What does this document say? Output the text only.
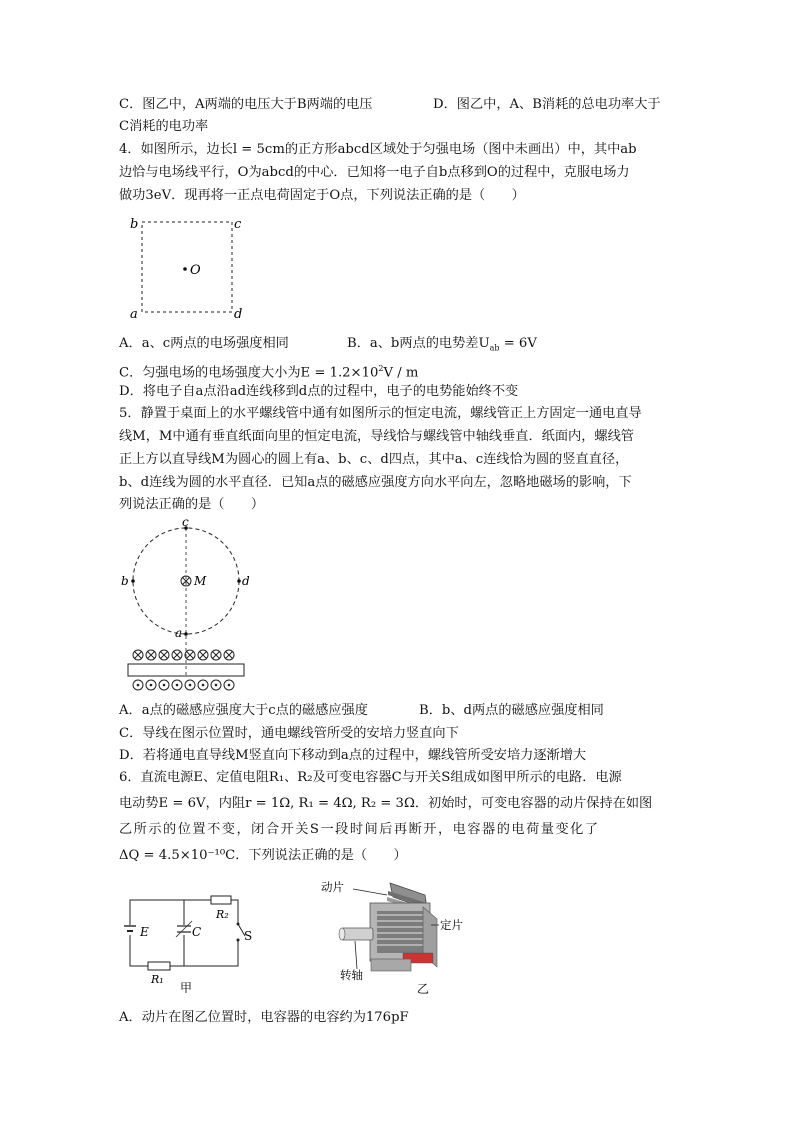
C．图乙中，A两端的电压大于B两端的电压	D．图乙中，A、B消耗的总电功率大于
C消耗的电功率
4．如图所示，边长l = 5cm的正方形abcd区域处于匀强电场（图中未画出）中，其中ab
边恰与电场线平行，O为abcd的中心．已知将一电子自b点移到O的过程中，克服电场力
做功3eV．现再将一正点电荷固定于O点，下列说法正确的是（　　）
b	c
a	d
O
A．a、c两点的电场强度相同	B．a、b两点的电势差$U_{ab} = 6V$
C．匀强电场的电场强度大小为$E = 1.2\times 10^2V / m$
D．将电子自a点沿ad连线移到d点的过程中，电子的电势能始终不变
5．静置于桌面上的水平螺线管中通有如图所示的恒定电流，螺线管正上方固定一通电直导
线M，M中通有垂直纸面向里的恒定电流，导线恰与螺线管中轴线垂直．纸面内，螺线管
正上方以直导线M为圆心的圆上有a、b、c、d四点，其中a、c连线恰为圆的竖直直径，
b、d连线为圆的水平直径．已知a点的磁感应强度方向水平向左，忽略地磁场的影响，下
列说法正确的是（　　）
c
b	d
M
a
A．a点的磁感应强度大于c点的磁感应强度	B．b、d两点的磁感应强度相同
C．导线在图示位置时，通电螺线管所受的安培力竖直向下
D．若将通电直导线M竖直向下移动到a点的过程中，螺线管所受安培力逐渐增大
6．直流电源E、定值电阻R₁、R₂及可变电容器C与开关S组成如图甲所示的电路．电源
电动势E = 6V，内阻r = 1Ω, R₁ = 4Ω, R₂ = 3Ω．初始时，可变电容器的动片保持在如图
乙所示的位置不变，闭合开关S一段时间后再断开，电容器的电荷量变化了
ΔQ = 4.5×10⁻¹⁰C．下列说法正确的是（　　）
E	C
R₂
R₁
S
甲
动片
定片
转轴
乙
A．动片在图乙位置时，电容器的电容约为176pF
